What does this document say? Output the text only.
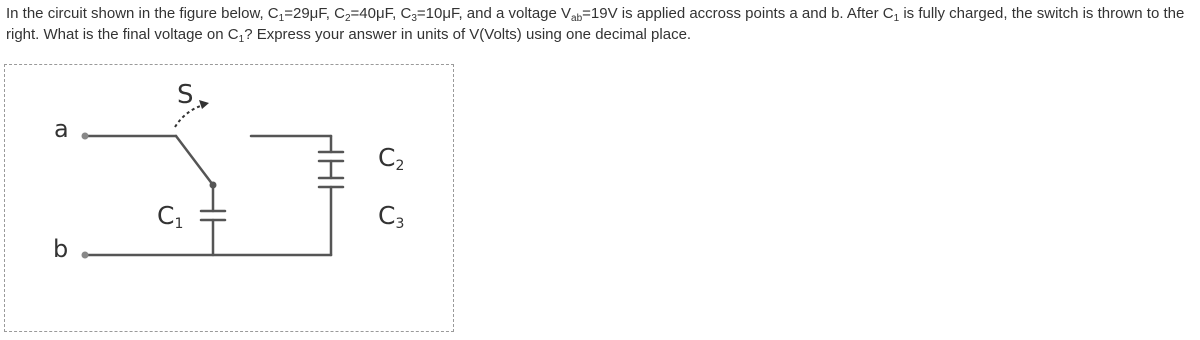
In the circuit shown in the figure below, $C_1=29\mu F$, $C_2=40\mu F$, $C_3=10\mu F$, and a voltage $V_{ab}=19V$ is applied accross points a and b. After $C_1$ is fully charged, the switch is thrown to the right. What is the final voltage on $C_1$? Express your answer in units of V(Volts) using one decimal place.
a
b
S
$C_1$
$C_2$
$C_3$
